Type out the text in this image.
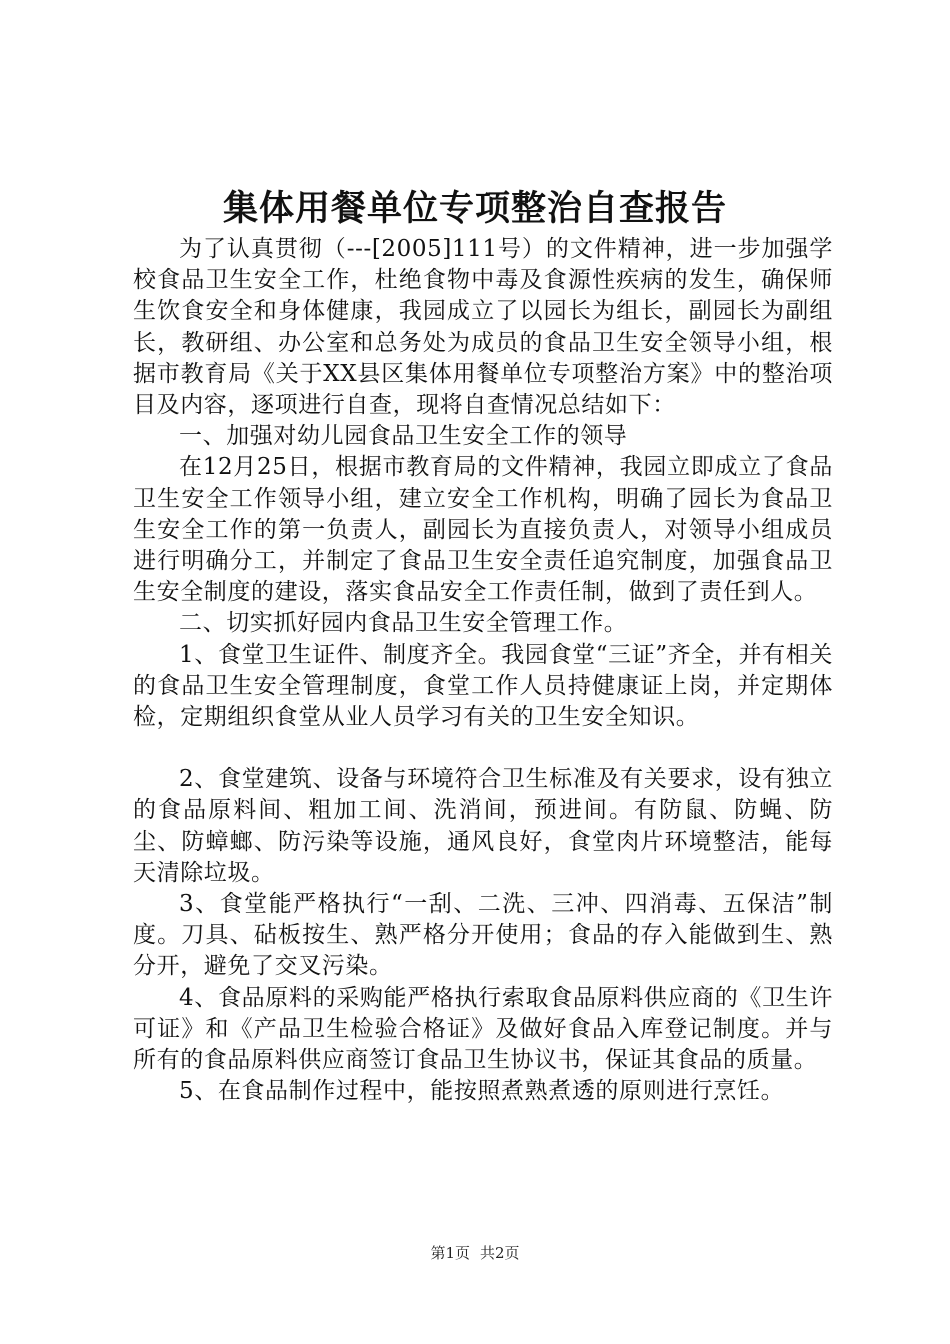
集体用餐单位专项整治自查报告

为了认真贯彻（---[2005]111号）的文件精神，进一步加强学校食品卫生安全工作，杜绝食物中毒及食源性疾病的发生，确保师生饮食安全和身体健康，我园成立了以园长为组长，副园长为副组长，教研组、办公室和总务处为成员的食品卫生安全领导小组，根据市教育局《关于XX县区集体用餐单位专项整治方案》中的整治项目及内容，逐项进行自查，现将自查情况总结如下：

一、加强对幼儿园食品卫生安全工作的领导

在12月25日，根据市教育局的文件精神，我园立即成立了食品卫生安全工作领导小组，建立安全工作机构，明确了园长为食品卫生安全工作的第一负责人，副园长为直接负责人，对领导小组成员进行明确分工，并制定了食品卫生安全责任追究制度，加强食品卫生安全制度的建设，落实食品安全工作责任制，做到了责任到人。

二、切实抓好园内食品卫生安全管理工作。

1、食堂卫生证件、制度齐全。我园食堂“三证”齐全，并有相关的食品卫生安全管理制度，食堂工作人员持健康证上岗，并定期体检，定期组织食堂从业人员学习有关的卫生安全知识。

2、食堂建筑、设备与环境符合卫生标准及有关要求，设有独立的食品原料间、粗加工间、洗消间，预进间。有防鼠、防蝇、防尘、防蟑螂、防污染等设施，通风良好，食堂肉片环境整洁，能每天清除垃圾。

3、食堂能严格执行“一刮、二洗、三冲、四消毒、五保洁”制度。刀具、砧板按生、熟严格分开使用；食品的存入能做到生、熟分开，避免了交叉污染。

4、食品原料的采购能严格执行索取食品原料供应商的《卫生许可证》和《产品卫生检验合格证》及做好食品入库登记制度。并与所有的食品原料供应商签订食品卫生协议书，保证其食品的质量。

5、在食品制作过程中，能按照煮熟煮透的原则进行烹饪。

第1页 共2页
